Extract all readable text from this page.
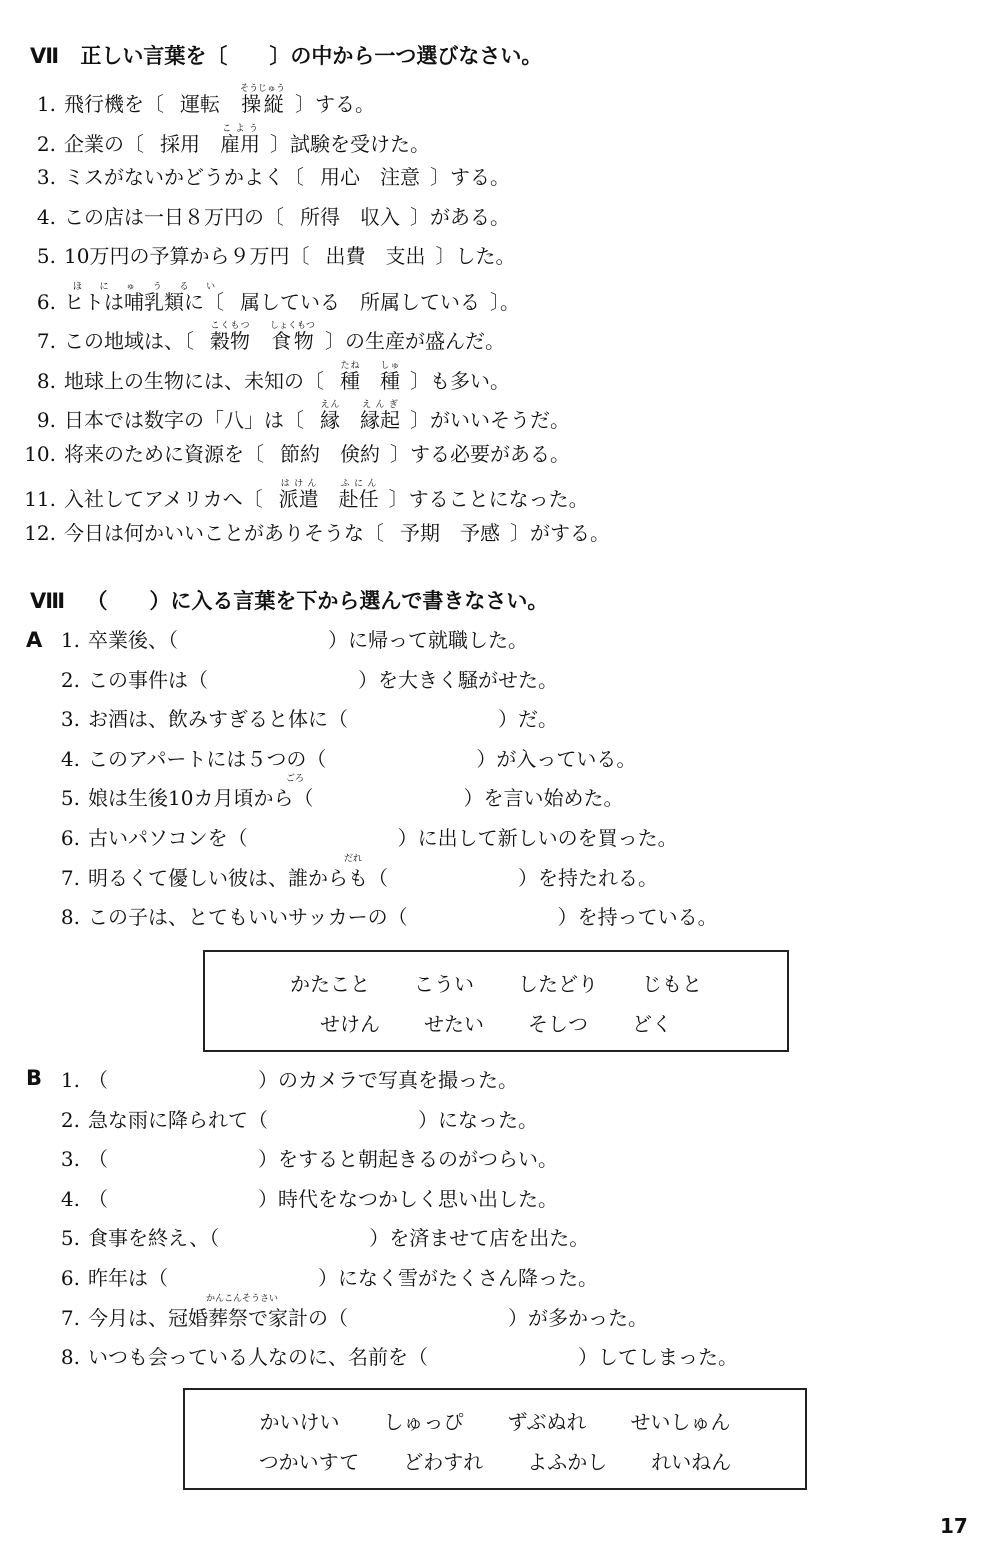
Ⅶ 正しい言葉を〔　　〕の中から一つ選びなさい。
1. 飛行機を〔 運転 操縦そうじゅう〕する。
2. 企業の〔 採用 雇用こよう〕試験を受けた。
3. ミスがないかどうかよく〔 用心 注意 〕する。
4. この店は一日８万円の〔 所得 収入 〕がある。
5. 10万円の予算から９万円〔 出費 支出 〕した。
6. ヒトは哺乳類に〔ほにゅうるい属している 所属している 〕。
7. この地域は、〔 穀物こくもつ食物しょくもつ〕の生産が盛んだ。
8. 地球上の生物には、未知の〔 種たね種しゅ〕も多い。
9. 日本では数字の「八」は〔 縁えん縁起えんぎ〕がいいそうだ。
10. 将来のために資源を〔 節約 倹約 〕する必要がある。
11. 入社してアメリカへ〔 派遣はけん赴任ふにん〕することになった。
12. 今日は何かいいことがありそうな〔 予期 予感 〕がする。
Ⅷ （　　）に入る言葉を下から選んで書きなさい。
A 1. 卒業後、（	）に帰って就職した。
2. この事件は（	）を大きく騒がせた。
3. お酒は、飲みすぎると体に（	）だ。
4. このアパートには５つの（	）が入っている。
5. 娘は生後10カ月頃から（	）を言い始めた。
ごろ
6. 古いパソコンを（	）に出して新しいのを買った。
7. 明るくて優しい彼は、誰からも（	）を持たれる。
だれ
8. この子は、とてもいいサッカーの（	）を持っている。
かたこと こうい したどり じもと
せけん せたい そしつ どく
B 1. （	）のカメラで写真を撮った。
2. 急な雨に降られて（	）になった。
3. （	）をすると朝起きるのがつらい。
4. （	）時代をなつかしく思い出した。
5. 食事を終え、（	）を済ませて店を出た。
6. 昨年は（	）になく雪がたくさん降った。
7. 今月は、冠婚葬祭で家計の（	）が多かった。
かんこんそうさい
8. いつも会っている人なのに、名前を（	）してしまった。
かいけい しゅっぴ ずぶぬれ せいしゅん
つかいすて どわすれ よふかし れいねん
17
